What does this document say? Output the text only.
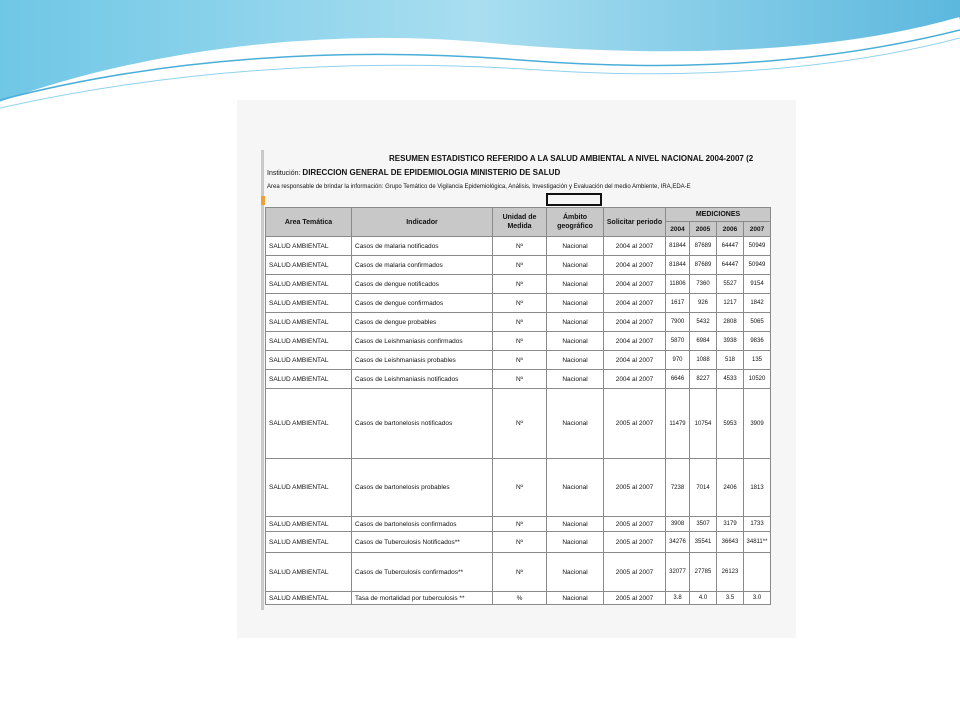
RESUMEN ESTADISTICO REFERIDO A LA SALUD AMBIENTAL A NIVEL NACIONAL 2004-2007 (2
Institución: DIRECCION GENERAL DE EPIDEMIOLOGIA MINISTERIO DE SALUD
Area responsable de brindar la información: Grupo Temático de Vigilancia Epidemiológica, Análisis, Investigación y Evaluación del medio Ambiente, IRA,EDA-E
Area Temática	Indicador	Unidad de Medida	Ámbito geográfico	Solicitar periodo	MEDICIONES			
					2004	2005	2006	2007
SALUD AMBIENTAL	Casos de malaria notificados	Nº	Nacional	2004 al 2007	81844	87689	64447	50949
SALUD AMBIENTAL	Casos de malaria confirmados	Nº	Nacional	2004 al 2007	81844	87689	64447	50949
SALUD AMBIENTAL	Casos de dengue notificados	Nº	Nacional	2004 al 2007	11806	7360	5527	9154
SALUD AMBIENTAL	Casos de dengue confirmados	Nº	Nacional	2004 al 2007	1617	926	1217	1842
SALUD AMBIENTAL	Casos de dengue probables	Nº	Nacional	2004 al 2007	7900	5432	2808	5065
SALUD AMBIENTAL	Casos de Leishmaniasis confirmados	Nº	Nacional	2004 al 2007	5870	6984	3938	9836
SALUD AMBIENTAL	Casos de Leishmaniasis probables	Nº	Nacional	2004 al 2007	970	1088	518	135
SALUD AMBIENTAL	Casos de Leishmaniasis notificados	Nº	Nacional	2004 al 2007	6646	8227	4533	10520
SALUD AMBIENTAL	Casos de bartonelosis notificados	Nº	Nacional	2005 al 2007	11479	10754	5953	3909
SALUD AMBIENTAL	Casos de bartonelosis probables	Nº	Nacional	2005 al 2007	7238	7014	2406	1813
SALUD AMBIENTAL	Casos de bartonelosis confirmados	Nº	Nacional	2005 al 2007	3908	3507	3179	1733
SALUD AMBIENTAL	Casos de Tuberculosis Notificados**	Nº	Nacional	2005 al 2007	34276	35541	36643	34811**
SALUD AMBIENTAL	Casos de Tuberculosis confirmados**	Nº	Nacional	2005 al 2007	32077	27785	26123	
SALUD AMBIENTAL	Tasa de mortalidad por tuberculosis **	%	Nacional	2005 al 2007	3.8	4.0	3.5	3.0
